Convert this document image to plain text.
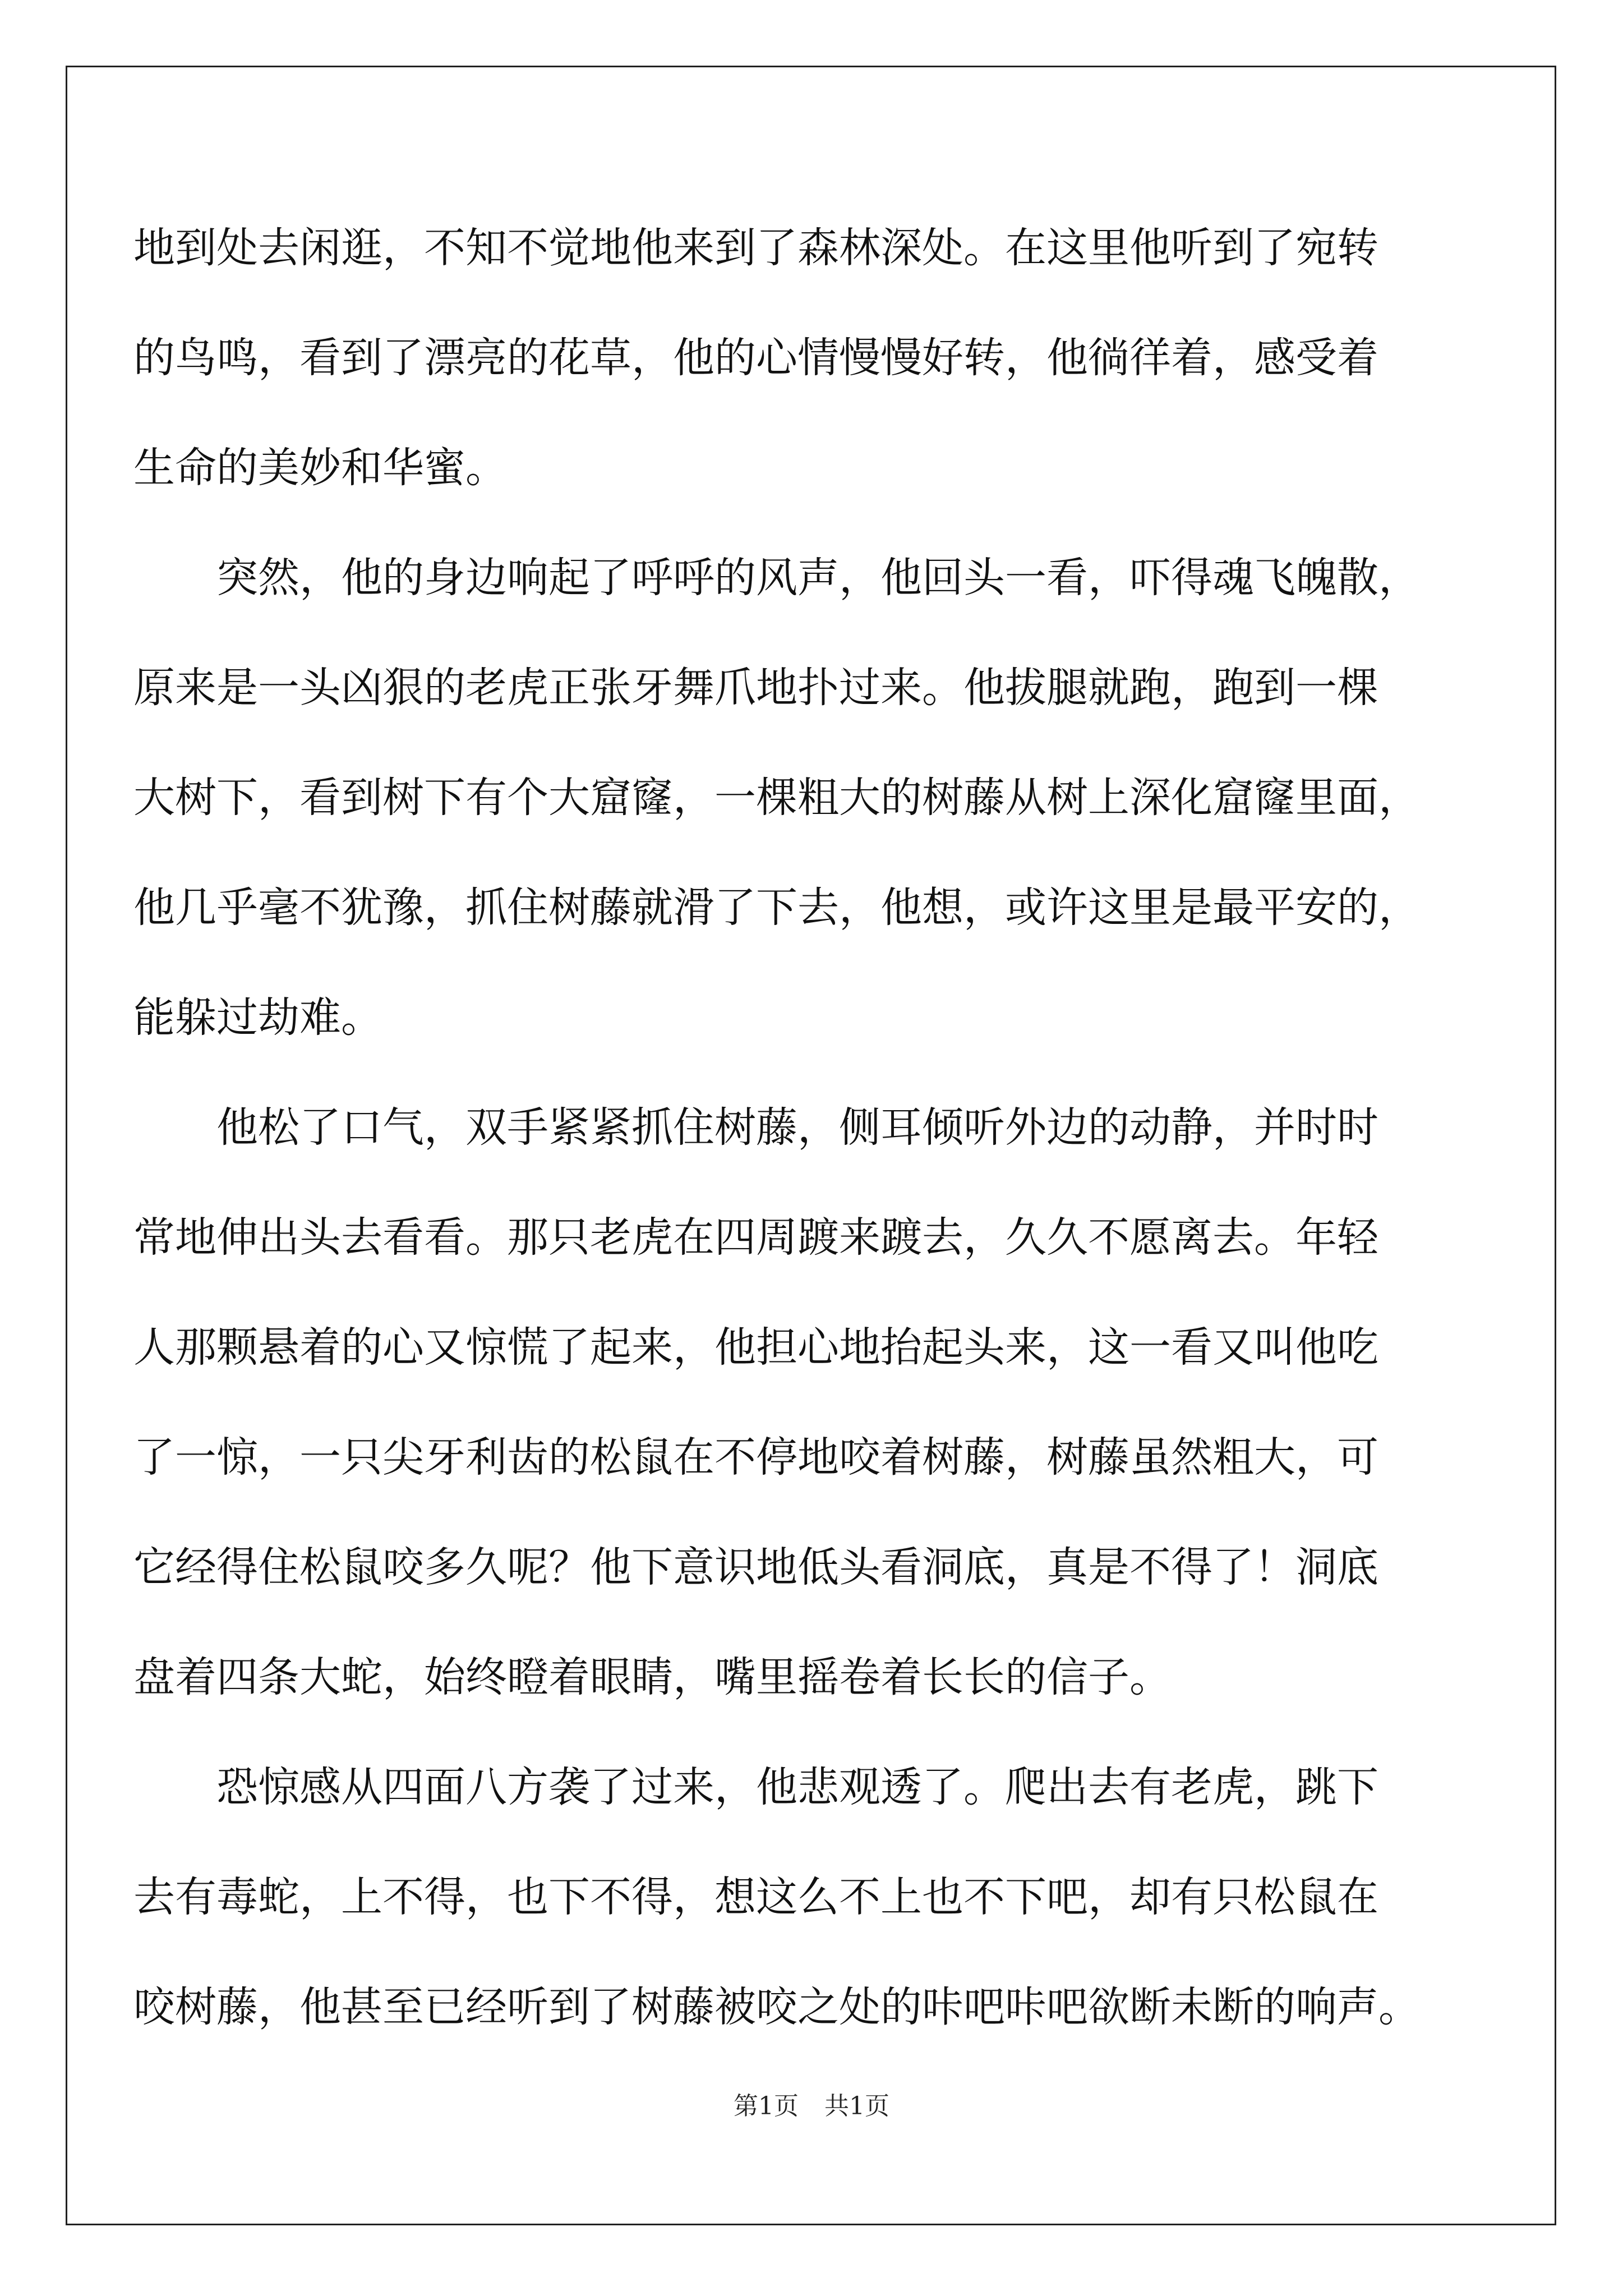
地到处去闲逛，不知不觉地他来到了森林深处。在这里他听到了宛转
的鸟鸣，看到了漂亮的花草，他的心情慢慢好转，他徜徉着，感受着
生命的美妙和华蜜。
突然，他的身边响起了呼呼的风声，他回头一看，吓得魂飞魄散，
原来是一头凶狠的老虎正张牙舞爪地扑过来。他拔腿就跑，跑到一棵
大树下，看到树下有个大窟窿，一棵粗大的树藤从树上深化窟窿里面，
他几乎毫不犹豫，抓住树藤就滑了下去，他想，或许这里是最平安的，
能躲过劫难。
他松了口气，双手紧紧抓住树藤，侧耳倾听外边的动静，并时时
常地伸出头去看看。那只老虎在四周踱来踱去，久久不愿离去。年轻
人那颗悬着的心又惊慌了起来，他担心地抬起头来，这一看又叫他吃
了一惊，一只尖牙利齿的松鼠在不停地咬着树藤，树藤虽然粗大，可
它经得住松鼠咬多久呢？他下意识地低头看洞底，真是不得了！洞底
盘着四条大蛇，始终瞪着眼睛，嘴里摇卷着长长的信子。
恐惊感从四面八方袭了过来，他悲观透了。爬出去有老虎，跳下
去有毒蛇，上不得，也下不得，想这么不上也不下吧，却有只松鼠在
咬树藤，他甚至已经听到了树藤被咬之处的咔吧咔吧欲断未断的响声。
第1页 共1页
